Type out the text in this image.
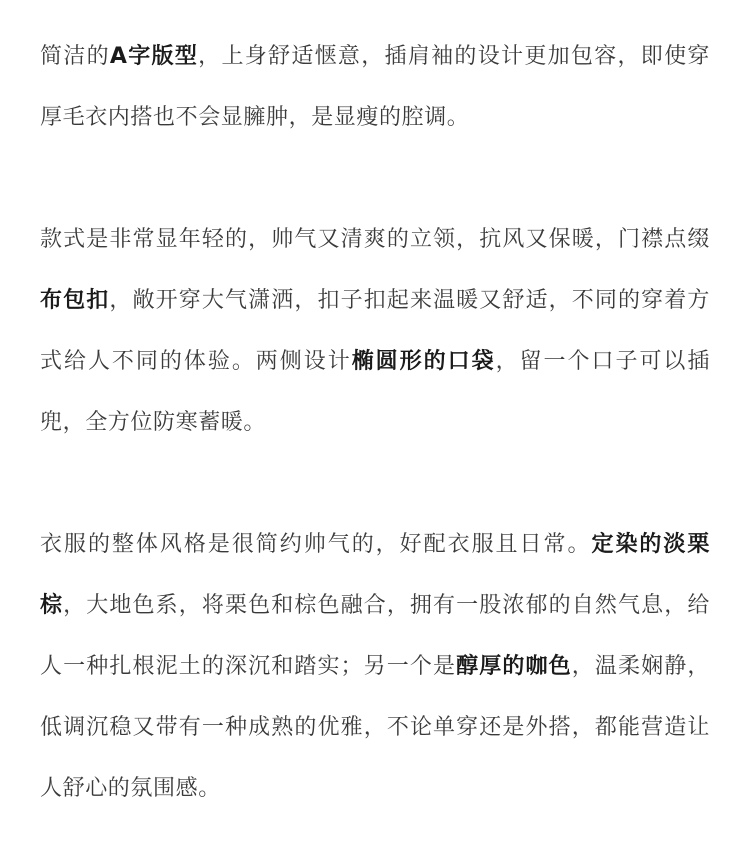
简洁的A字版型，上身舒适惬意，插肩袖的设计更加包容，即使穿厚毛衣内搭也不会显臃肿，是显瘦的腔调。

款式是非常显年轻的，帅气又清爽的立领，抗风又保暖，门襟点缀布包扣，敞开穿大气潇洒，扣子扣起来温暖又舒适，不同的穿着方式给人不同的体验。两侧设计椭圆形的口袋，留一个口子可以插兜，全方位防寒蓄暖。

衣服的整体风格是很简约帅气的，好配衣服且日常。定染的淡栗棕，大地色系，将栗色和棕色融合，拥有一股浓郁的自然气息，给人一种扎根泥土的深沉和踏实；另一个是醇厚的咖色，温柔娴静，低调沉稳又带有一种成熟的优雅，不论单穿还是外搭，都能营造让人舒心的氛围感。
